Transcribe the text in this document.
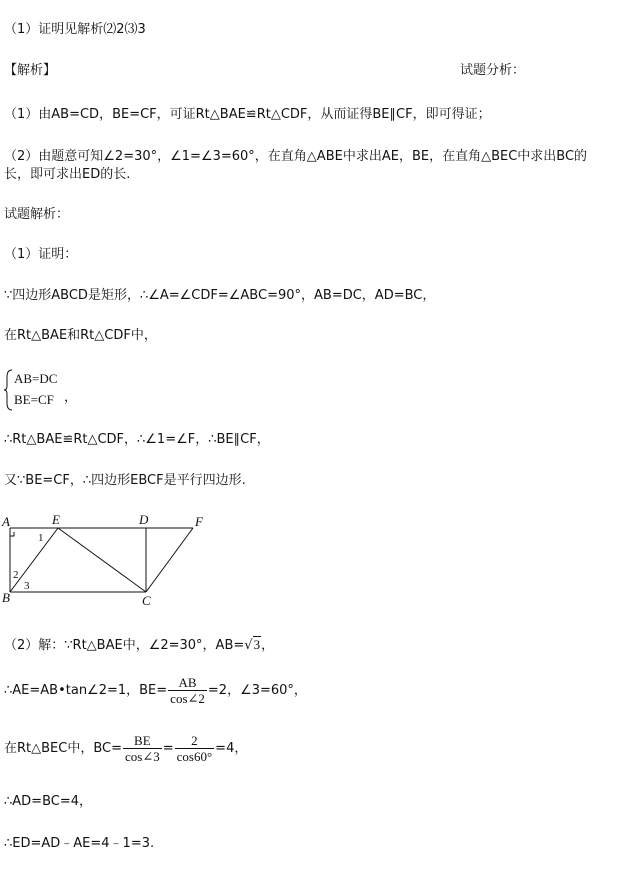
（1）证明见解析⑵2⑶3
【解析】	试题分析：
（1）由AB=CD，BE=CF，可证Rt△BAE≌Rt△CDF，从而证得BE∥CF，即可得证；
（2）由题意可知∠2=30°，∠1=∠3=60°，在直角△ABE中求出AE，BE，在直角△BEC中求出BC的
长，即可求出ED的长.
试题解析：
（1）证明：
∵四边形ABCD是矩形，∴∠A=∠CDF=∠ABC=90°，AB=DC，AD=BC，
在Rt△BAE和Rt△CDF中，
AB=DC
BE=CF ，
∴Rt△BAE≌Rt△CDF，∴∠1=∠F，∴BE∥CF，
又∵BE=CF，∴四边形EBCF是平行四边形.
A	E	D	F
B	C
1
2
3
（2）解：∵Rt△BAE中，∠2=30°，AB=√3，
∴AE=AB•tan∠2=1，$BE= \frac{AB}{\cos\angle 2} =2$，∠3=60°，
在Rt△BEC中，$BC= \frac{BE}{\cos\angle 3} = \frac{2}{\cos 60^\circ} =4$，
∴AD=BC=4，
∴ED=AD﹣AE=4﹣1=3.
